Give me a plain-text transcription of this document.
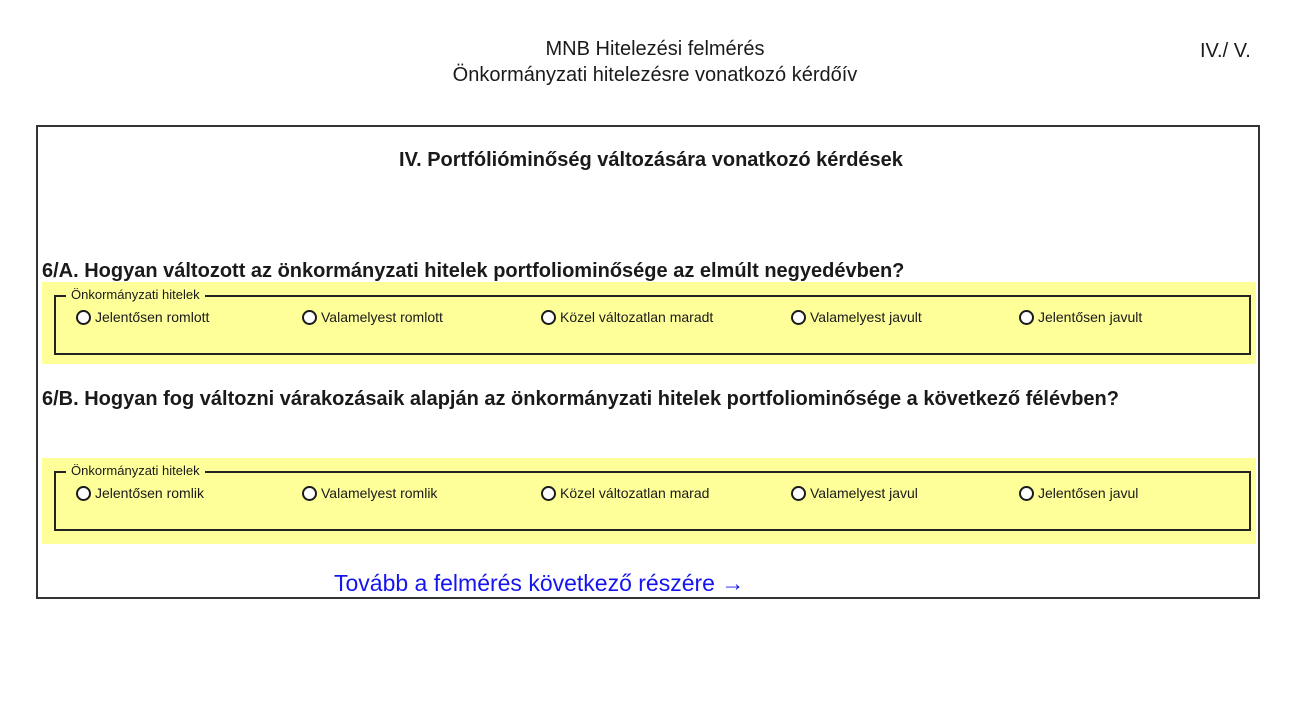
MNB Hitelezési felmérés
Önkormányzati hitelezésre vonatkozó kérdőív
IV./ V.
IV. Portfólióminőség változására vonatkozó kérdések
6/A. Hogyan változott az önkormányzati hitelek portfoliominősége az elmúlt negyedévben?
Önkormányzati hitelek
Jelentősen romlott	Valamelyest romlott	Közel változatlan maradt	Valamelyest javult	Jelentősen javult
6/B. Hogyan fog változni várakozásaik alapján az önkormányzati hitelek portfoliominősége a következő félévben?
Önkormányzati hitelek
Jelentősen romlik	Valamelyest romlik	Közel változatlan marad	Valamelyest javul	Jelentősen javul
Tovább a felmérés következő részére →
